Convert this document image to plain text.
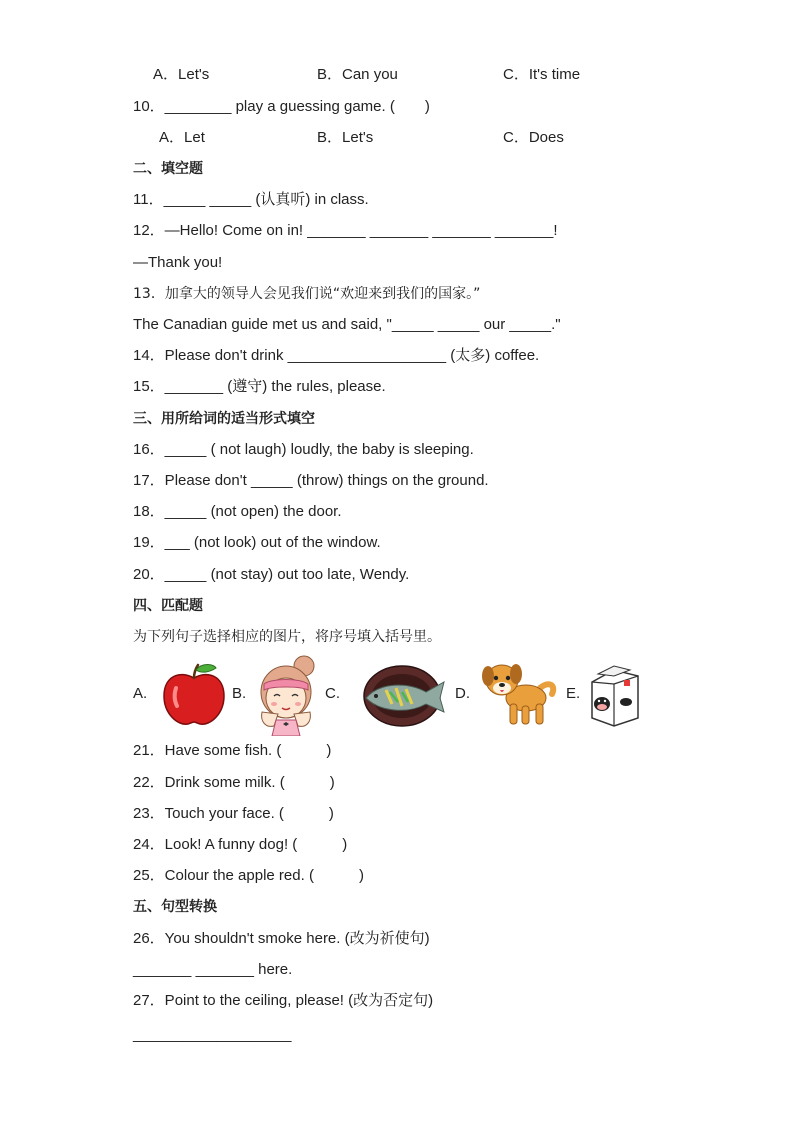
A．Let's	B．Can you	C．It's time
10．________ play a guessing game. (　　)
A．Let	B．Let's	C．Does
二、填空题
11．_____ _____ (认真听) in class.
12．—Hello! Come on in! _______ _______ _______ _______!
—Thank you!
13．加拿大的领导人会见我们说“欢迎来到我们的国家。”
The Canadian guide met us and said, "_____ _____ our _____."
14．Please don't drink ___________________ (太多) coffee.
15．_______ (遵守) the rules, please.
三、用所给词的适当形式填空
16．_____ ( not laugh) loudly, the baby is sleeping.
17．Please don't _____ (throw) things on the ground.
18．_____ (not open) the door.
19．___ (not look) out of the window.
20．_____ (not stay) out too late, Wendy.
四、匹配题
为下列句子选择相应的图片，将序号填入括号里。
A.	B.	C.	D.	E.
21．Have some fish. (　　　)
22．Drink some milk. (　　　)
23．Touch your face. (　　　)
24．Look! A funny dog! (　　　)
25．Colour the apple red. (　　　)
五、句型转换
26．You shouldn't smoke here. (改为祈使句)
_______ _______ here.
27．Point to the ceiling, please! (改为否定句)
___________________
